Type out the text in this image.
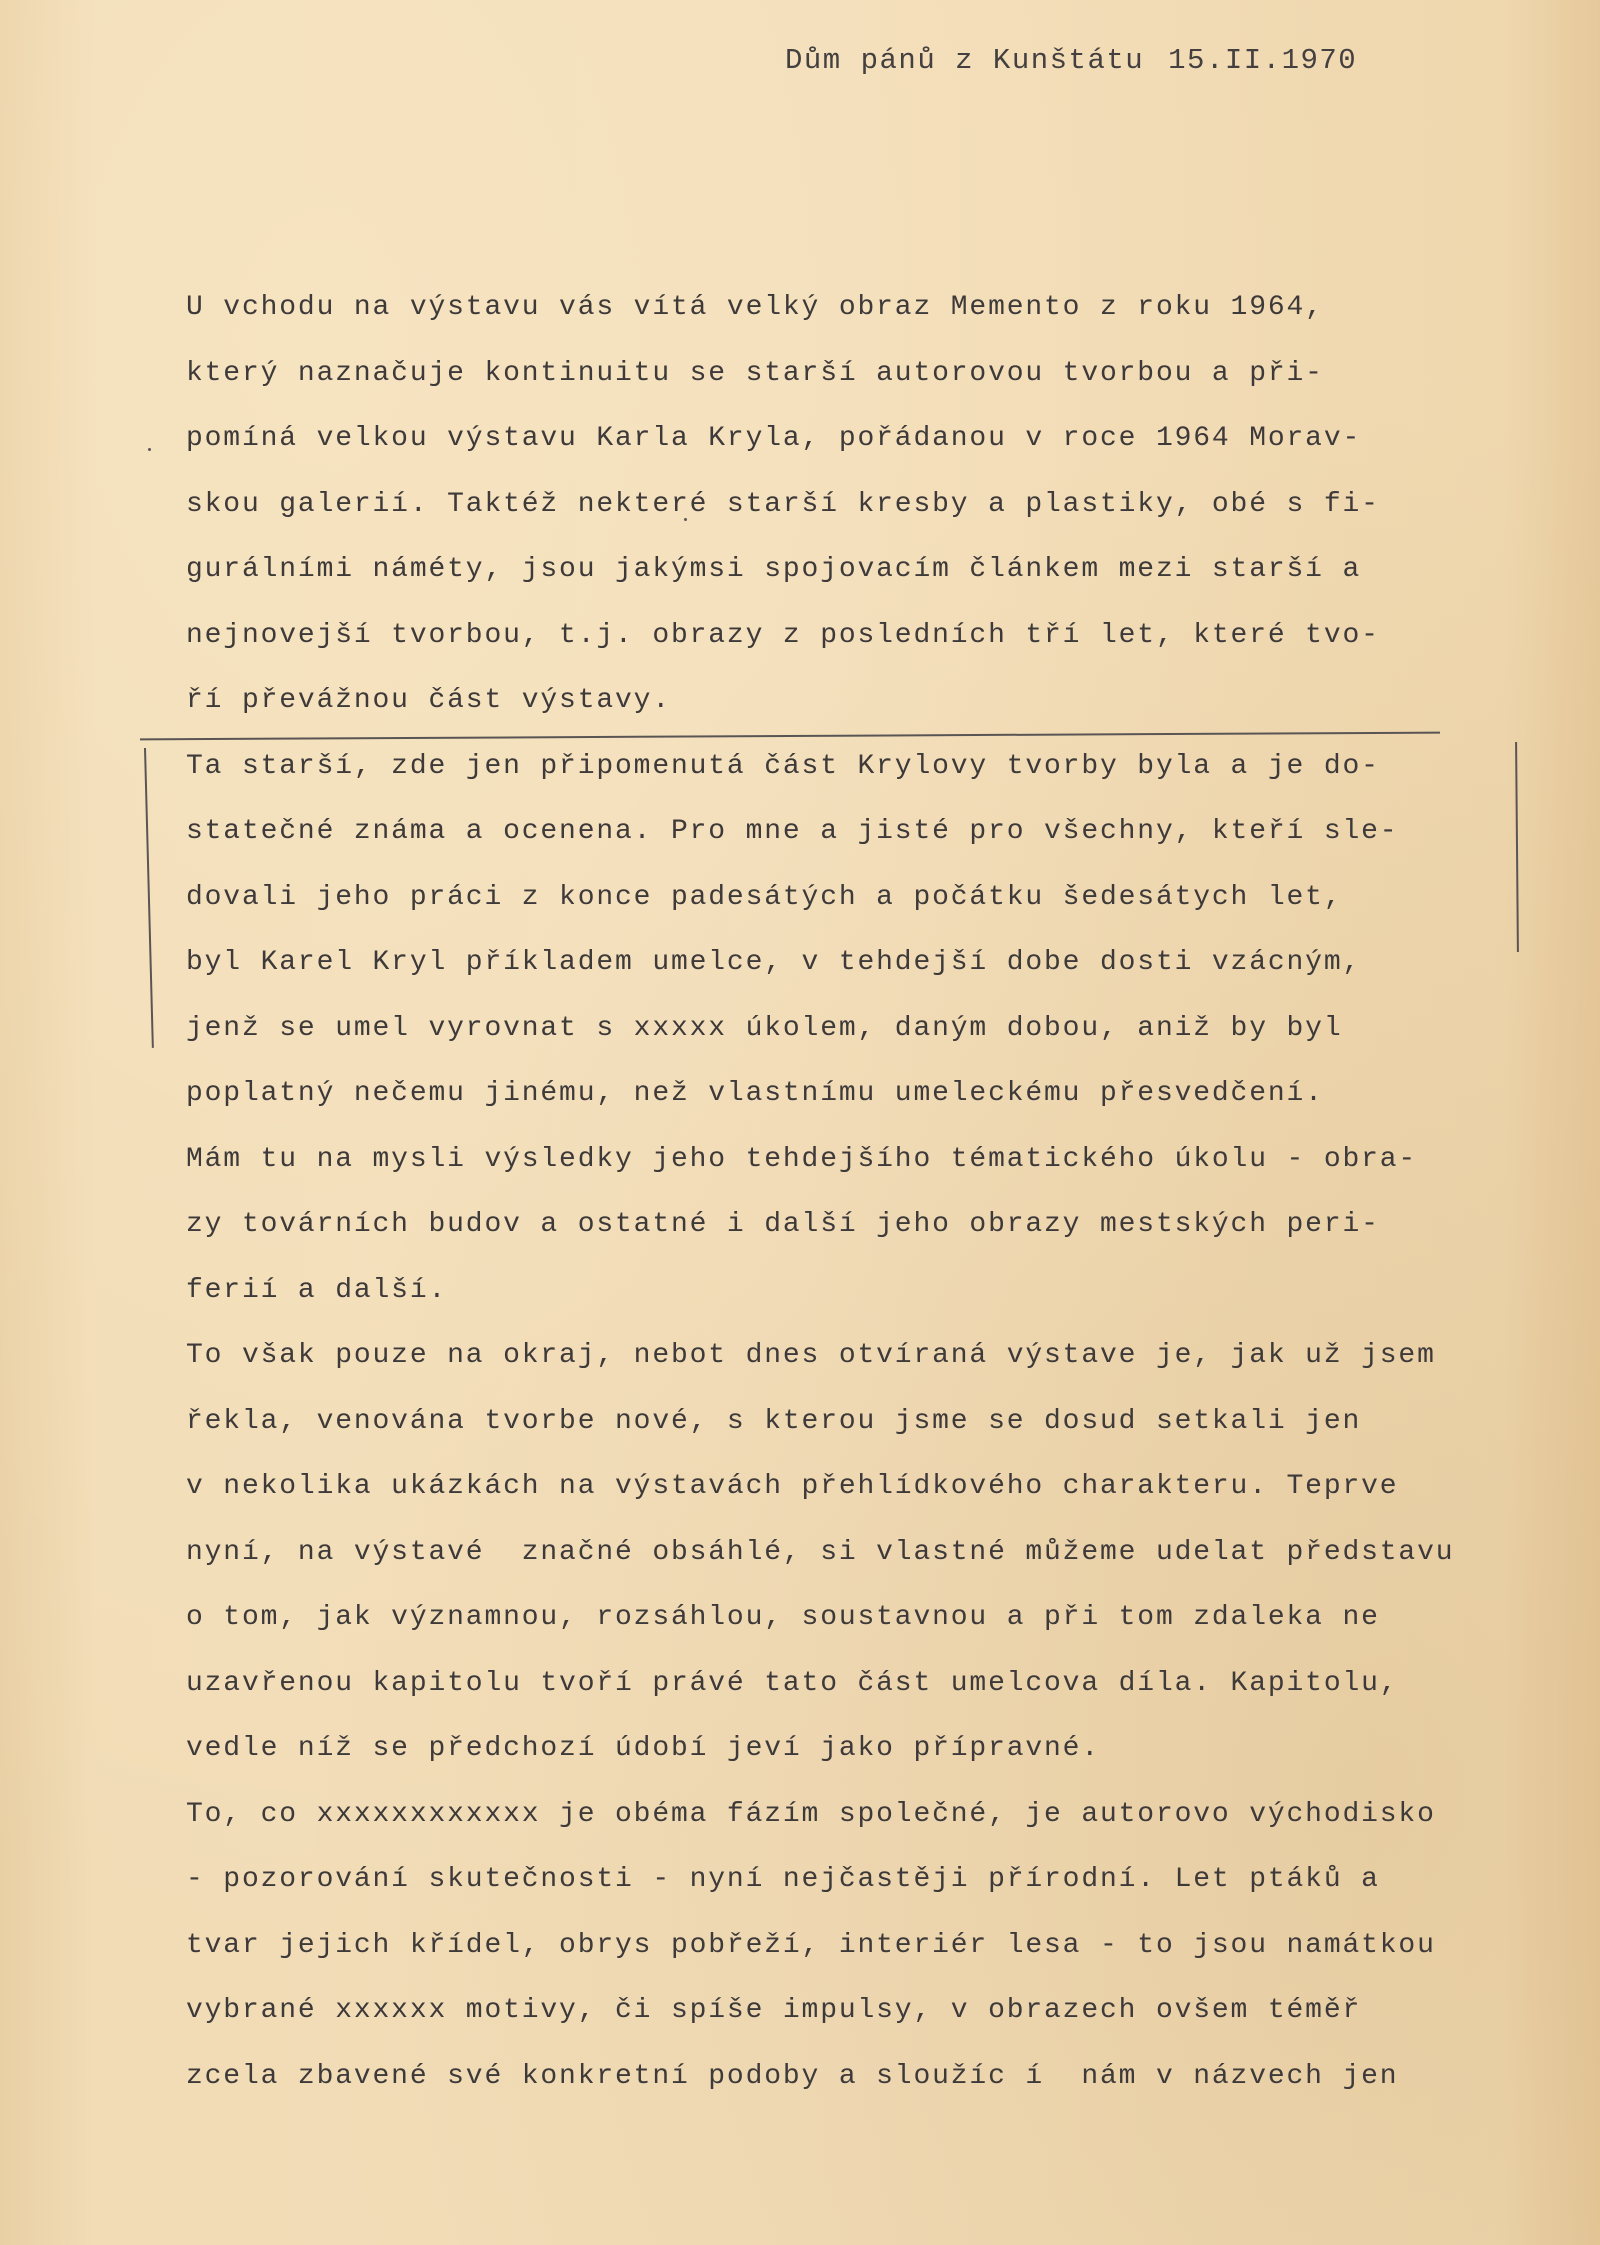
Dům pánů z Kunštátu 15.II.1970
U vchodu na výstavu vás vítá velký obraz Memento z roku 1964,
který naznačuje kontinuitu se starší autorovou tvorbou a při-
pomíná velkou výstavu Karla Kryla, pořádanou v roce 1964 Morav-
skou galerií. Taktéž nekteré starší kresby a plastiky, obé s fi-
gurálními náméty, jsou jakýmsi spojovacím článkem mezi starší a
nejnovejší tvorbou, t.j. obrazy z posledních tří let, které tvo-
ří převážnou část výstavy.
Ta starší, zde jen připomenutá část Krylovy tvorby byla a je do-
statečné známa a ocenena. Pro mne a jisté pro všechny, kteří sle-
dovali jeho práci z konce padesátých a počátku šedesátych let,
byl Karel Kryl příkladem umelce, v tehdejší dobe dosti vzácným,
jenž se umel vyrovnat s xxxxx úkolem, daným dobou, aniž by byl
poplatný nečemu jinému, než vlastnímu umeleckému přesvedčení.
Mám tu na mysli výsledky jeho tehdejšího tématického úkolu - obra-
zy továrních budov a ostatné i další jeho obrazy mestských peri-
ferií a další.
To však pouze na okraj, nebot dnes otvíraná výstave je, jak už jsem
řekla, venována tvorbe nové, s kterou jsme se dosud setkali jen
v nekolika ukázkách na výstavách přehlídkového charakteru. Teprve
nyní, na výstavé  značné obsáhlé, si vlastné můžeme udelat představu
o tom, jak významnou, rozsáhlou, soustavnou a při tom zdaleka ne
uzavřenou kapitolu tvoří právé tato část umelcova díla. Kapitolu,
vedle níž se předchozí údobí jeví jako přípravné.
To, co xxxxxxxxxxxx je obéma fázím společné, je autorovo východisko
- pozorování skutečnosti - nyní nejčastěji přírodní. Let ptáků a
tvar jejich křídel, obrys pobřeží, interiér lesa - to jsou namátkou
vybrané xxxxxx motivy, či spíše impulsy, v obrazech ovšem téměř
zcela zbavené své konkretní podoby a sloužíc í  nám v názvech jen
